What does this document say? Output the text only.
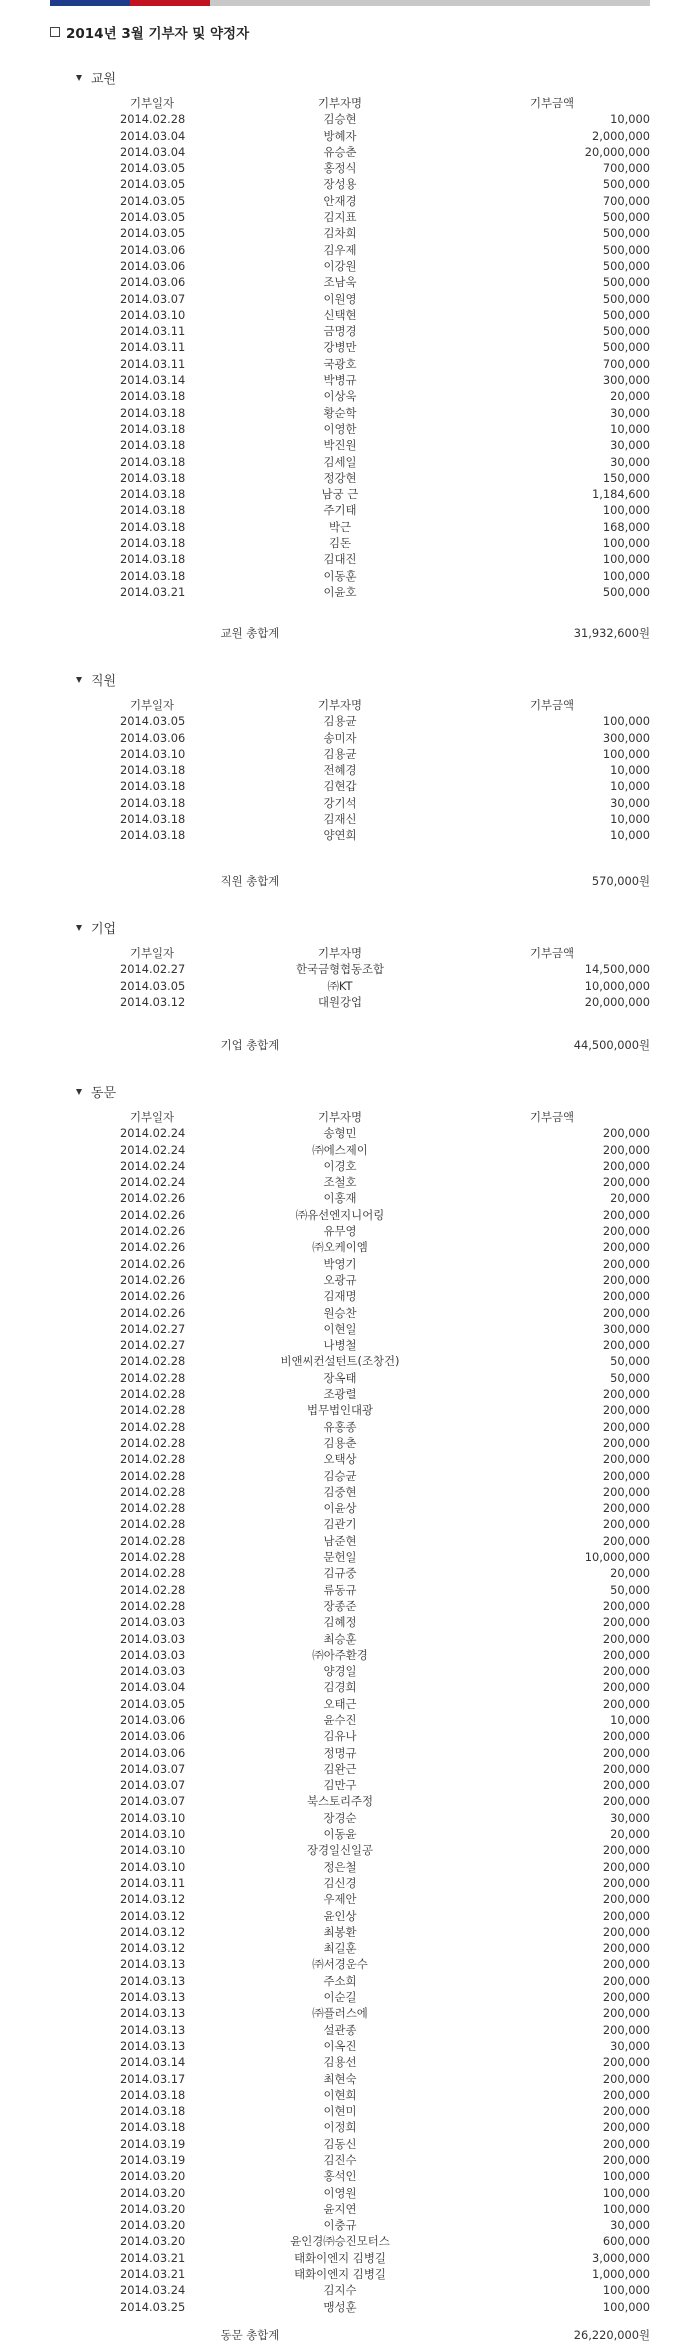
2014년 3월 기부자 및 약정자
교원
기부일자	기부자명	기부금액
2014.02.28	김승현	10,000
2014.03.04	방혜자	2,000,000
2014.03.04	유승춘	20,000,000
2014.03.05	홍정식	700,000
2014.03.05	장성용	500,000
2014.03.05	안재경	700,000
2014.03.05	김지표	500,000
2014.03.05	김차희	500,000
2014.03.06	김우제	500,000
2014.03.06	이강원	500,000
2014.03.06	조남욱	500,000
2014.03.07	이원영	500,000
2014.03.10	신택현	500,000
2014.03.11	금명경	500,000
2014.03.11	강병만	500,000
2014.03.11	국광호	700,000
2014.03.14	박병규	300,000
2014.03.18	이상욱	20,000
2014.03.18	황순학	30,000
2014.03.18	이영한	10,000
2014.03.18	박진원	30,000
2014.03.18	김세일	30,000
2014.03.18	정강현	150,000
2014.03.18	남궁 근	1,184,600
2014.03.18	주기태	100,000
2014.03.18	박근	168,000
2014.03.18	김돈	100,000
2014.03.18	김대진	100,000
2014.03.18	이동훈	100,000
2014.03.21	이윤호	500,000
교원 총합계	31,932,600원
직원
기부일자	기부자명	기부금액
2014.03.05	김용균	100,000
2014.03.06	송미자	300,000
2014.03.10	김용균	100,000
2014.03.18	전혜경	10,000
2014.03.18	김현갑	10,000
2014.03.18	강기석	30,000
2014.03.18	김재신	10,000
2014.03.18	양연희	10,000
직원 총합계	570,000원
기업
기부일자	기부자명	기부금액
2014.02.27	한국금형협동조합	14,500,000
2014.03.05	㈜KT	10,000,000
2014.03.12	대원강업	20,000,000
기업 총합계	44,500,000원
동문
기부일자	기부자명	기부금액
2014.02.24	송형민	200,000
2014.02.24	㈜에스제이	200,000
2014.02.24	이경호	200,000
2014.02.24	조철호	200,000
2014.02.26	이홍재	20,000
2014.02.26	㈜유선엔지니어링	200,000
2014.02.26	유무영	200,000
2014.02.26	㈜오케이엠	200,000
2014.02.26	박영기	200,000
2014.02.26	오광규	200,000
2014.02.26	김재명	200,000
2014.02.26	원승찬	200,000
2014.02.27	이현일	300,000
2014.02.27	나병철	200,000
2014.02.28	비앤씨컨설턴트(조창건)	50,000
2014.02.28	장옥태	50,000
2014.02.28	조광렬	200,000
2014.02.28	법무법인대광	200,000
2014.02.28	유홍종	200,000
2014.02.28	김용춘	200,000
2014.02.28	오택상	200,000
2014.02.28	김승균	200,000
2014.02.28	김중현	200,000
2014.02.28	이윤상	200,000
2014.02.28	김관기	200,000
2014.02.28	남준현	200,000
2014.02.28	문헌일	10,000,000
2014.02.28	김규중	20,000
2014.02.28	류동규	50,000
2014.02.28	장종준	200,000
2014.03.03	김혜정	200,000
2014.03.03	최승훈	200,000
2014.03.03	㈜아주환경	200,000
2014.03.03	양경일	200,000
2014.03.04	김경희	200,000
2014.03.05	오태근	200,000
2014.03.06	윤수진	10,000
2014.03.06	김유나	200,000
2014.03.06	정명규	200,000
2014.03.07	김완근	200,000
2014.03.07	김만구	200,000
2014.03.07	북스토리주정	200,000
2014.03.10	장경순	30,000
2014.03.10	이동윤	20,000
2014.03.10	장경일신일공	200,000
2014.03.10	정은철	200,000
2014.03.11	김신경	200,000
2014.03.12	우제안	200,000
2014.03.12	윤인상	200,000
2014.03.12	최봉환	200,000
2014.03.12	최길훈	200,000
2014.03.13	㈜서경운수	200,000
2014.03.13	주소희	200,000
2014.03.13	이순길	200,000
2014.03.13	㈜플러스에	200,000
2014.03.13	설관종	200,000
2014.03.13	이옥진	30,000
2014.03.14	김용선	200,000
2014.03.17	최현숙	200,000
2014.03.18	이현희	200,000
2014.03.18	이현미	200,000
2014.03.18	이정희	200,000
2014.03.19	김동신	200,000
2014.03.19	김진수	200,000
2014.03.20	홍석인	100,000
2014.03.20	이영원	100,000
2014.03.20	윤지연	100,000
2014.03.20	이충규	30,000
2014.03.20	윤인경㈜승진모터스	600,000
2014.03.21	태화이엔지 김병길	3,000,000
2014.03.21	태화이엔지 김병길	1,000,000
2014.03.24	김지수	100,000
2014.03.25	맹성훈	100,000
동문 총합계	26,220,000원
